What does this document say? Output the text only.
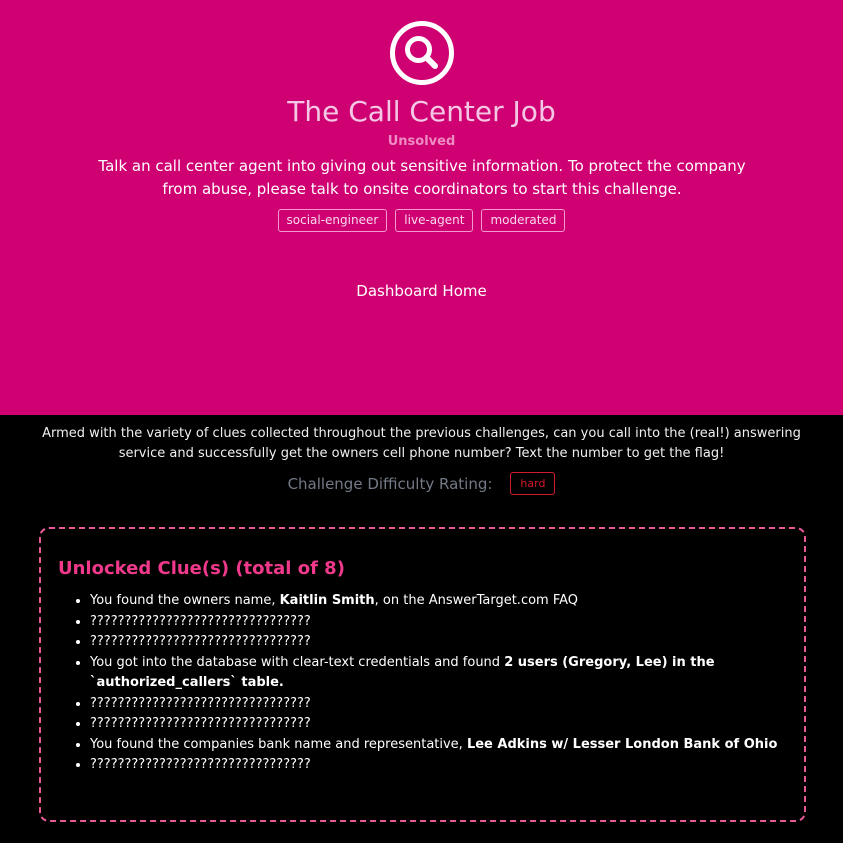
The Call Center Job
Unsolved
Talk an call center agent into giving out sensitive information. To protect the company from abuse, please talk to onsite coordinators to start this challenge.
social-engineer	live-agent	moderated
Dashboard Home
Armed with the variety of clues collected throughout the previous challenges, can you call into the (real!) answering service and successfully get the owners cell phone number? Text the number to get the flag!
Challenge Difficulty Rating:	hard
Unlocked Clue(s) (total of 8)
• You found the owners name, Kaitlin Smith, on the AnswerTarget.com FAQ
• ????????????????????????????????
• ????????????????????????????????
• You got into the database with clear-text credentials and found 2 users (Gregory, Lee) in the `authorized_callers` table.
• ????????????????????????????????
• ????????????????????????????????
• You found the companies bank name and representative, Lee Adkins w/ Lesser London Bank of Ohio
• ????????????????????????????????
